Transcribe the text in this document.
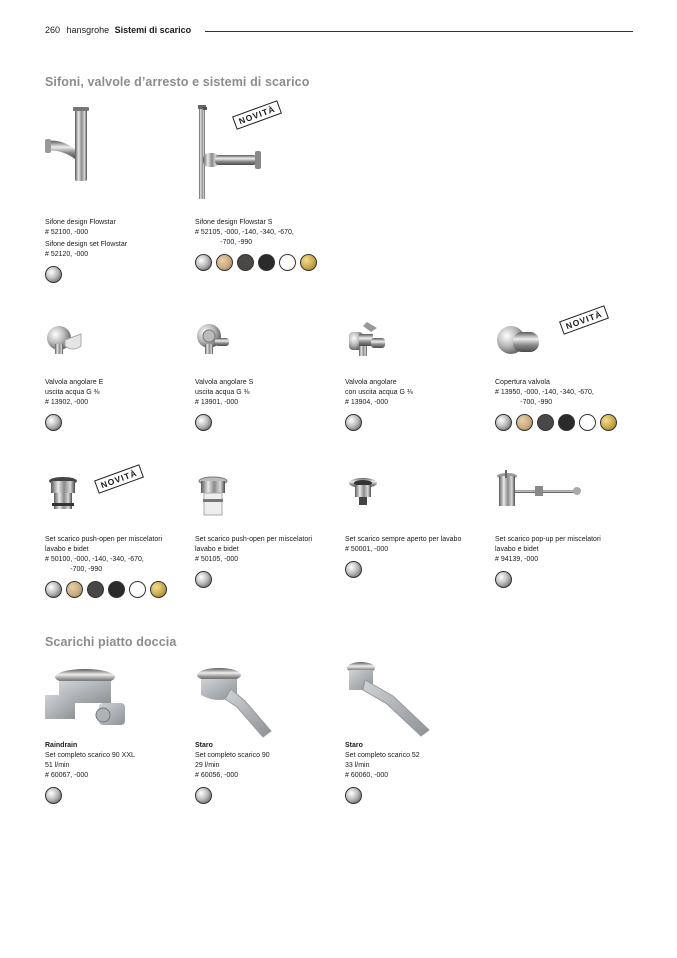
260 hansgrohe Sistemi di scarico
Sifoni, valvole d’arresto e sistemi di scarico
Scarichi piatto doccia
Sifone design Flowstar
# 52100, -000
Sifone design set Flowstar
# 52120, -000
NOVITÀ
Sifone design Flowstar S
# 52105, -000, -140, -340, -670,
-700, -990
Valvola angolare E
uscita acqua G ⅜
# 13902, -000
Valvola angolare S
uscita acqua G ⅜
# 13901, -000
Valvola angolare
con uscita acqua G ⅜
# 13904, -000
NOVITÀ
Copertura valvola
# 13950, -000, -140, -340, -670,
-700, -990
NOVITÀ
Set scarico push-open per miscelatori
lavabo e bidet
# 50100, -000, -140, -340, -670,
-700, -990
Set scarico push-open per miscelatori
lavabo e bidet
# 50105, -000
Set scarico sempre aperto per lavabo
# 50001, -000
Set scarico pop-up per miscelatori
lavabo e bidet
# 94139, -000
Raindrain
Set completo scarico 90 XXL
51 l/min
# 60067, -000
Staro
Set completo scarico 90
29 l/min
# 60056, -000
Staro
Set completo scarico 52
33 l/min
# 60060, -000
